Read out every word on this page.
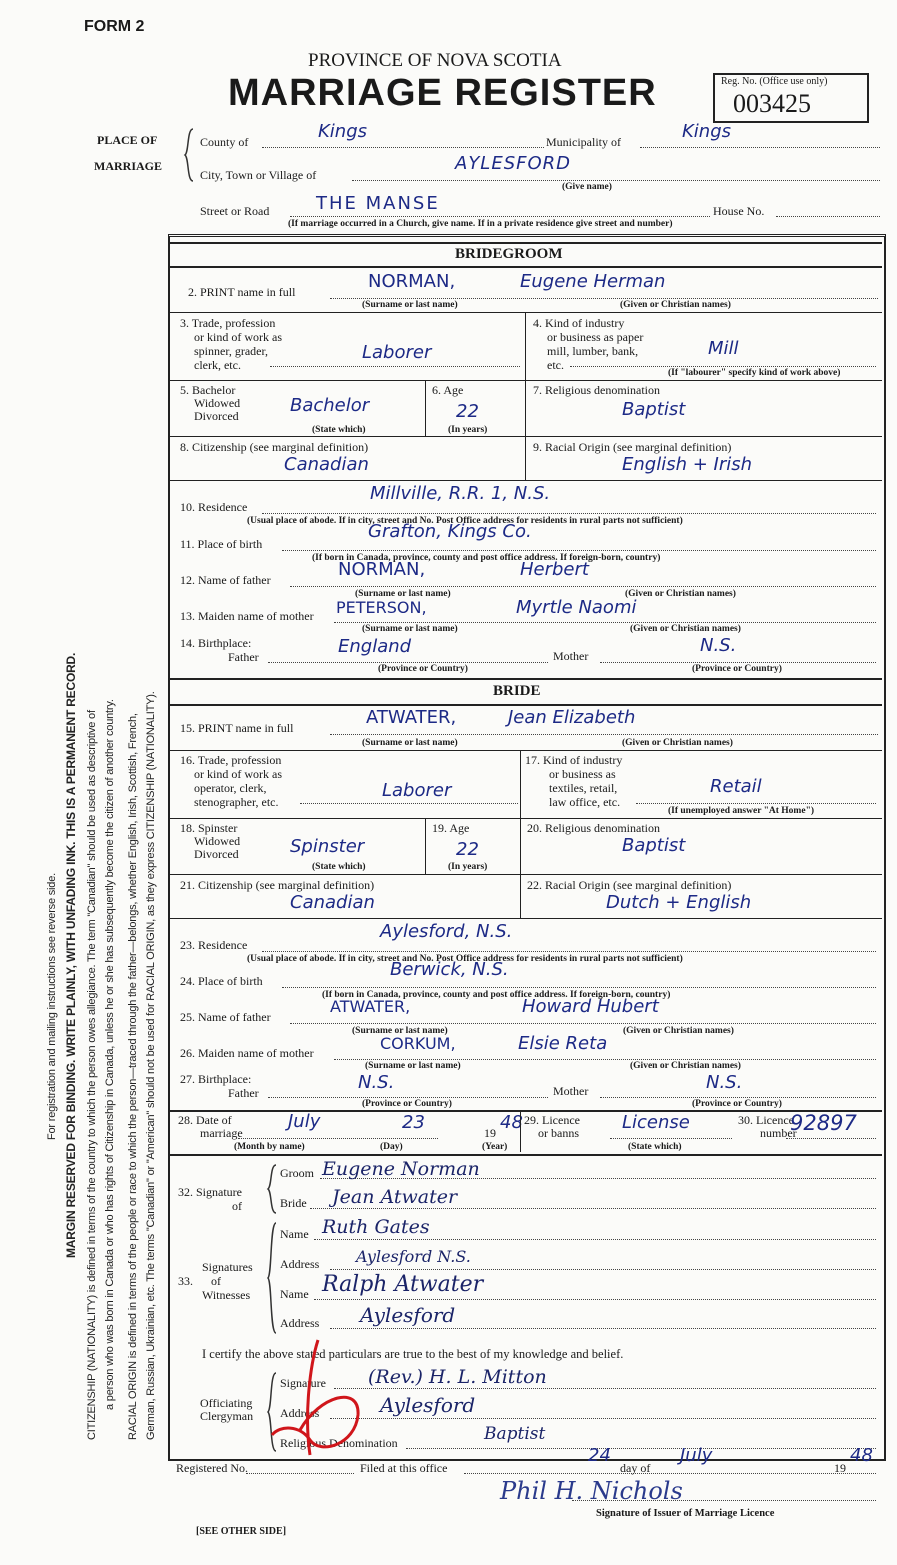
FORM 2
PROVINCE OF NOVA SCOTIA
MARRIAGE REGISTER	Reg. No. (Office use only)
003425
PLACE OF
MARRIAGE
County of	Kings	Municipality of	Kings
City, Town or Village of
AYLESFORD
(Give name)
Street or Road	THE MANSE	House No.
(If marriage occurred in a Church, give name. If in a private residence give street and number)
For registration and mailing instructions see reverse side. MARGIN RESERVED FOR BINDING. WRITE PLAINLY, WITH UNFADING INK. THIS IS A PERMANENT RECORD. CITIZENSHIP (NATIONALITY) is defined in terms of the country to which the person owes allegiance. The term "Canadian" should be used as descriptive of a person who was born in Canada or who has rights of Citizenship in Canada, unless he or she has subsequently become the citizen of another country. RACIAL ORIGIN is defined in terms of the people or race to which the person—traced through the father—belongs, whether English, Irish, Scottish, French, German, Russian, Ukrainian, etc. The terms "Canadian" or "American" should not be used for RACIAL ORIGIN, as they express CITIZENSHIP (NATIONALITY).
BRIDEGROOM
2. PRINT name in full	NORMAN,	Eugene Herman
(Surname or last name)	(Given or Christian names)
3. Trade, profession
or kind of work as
spinner, grader,
clerk, etc.
Laborer
4. Kind of industry
or business as paper
mill, lumber, bank,
etc.
Mill
(If "labourer" specify kind of work above)
5. Bachelor
Widowed
Divorced	Bachelor
(State which)
6. Age
22
(In years)
7. Religious denomination
Baptist
8. Citizenship (see marginal definition)
Canadian
9. Racial Origin (see marginal definition)
English + Irish
10. Residence
Millville, R.R. 1, N.S.
(Usual place of abode. If in city, street and No. Post Office address for residents in rural parts not sufficient)
11. Place of birth
Grafton, Kings Co.
(If born in Canada, province, county and post office address. If foreign-born, country)
12. Name of father	NORMAN,	Herbert
(Surname or last name)	(Given or Christian names)
13. Maiden name of mother PETERSON,	Myrtle Naomi
(Surname or last name)	(Given or Christian names)
14. Birthplace:
Father	England	Mother	N.S.
(Province or Country)	(Province or Country)
BRIDE
15. PRINT name in full	ATWATER,	Jean Elizabeth
(Surname or last name)	(Given or Christian names)
16. Trade, profession
or kind of work as
operator, clerk,
stenographer, etc.
Laborer
17. Kind of industry
or business as
textiles, retail,
law office, etc.
Retail
(If unemployed answer "At Home")
18. Spinster
Widowed
Divorced	Spinster
(State which)
19. Age
22
(In years)
20. Religious denomination
Baptist
21. Citizenship (see marginal definition)
Canadian
22. Racial Origin (see marginal definition)
Dutch + English
23. Residence
Aylesford, N.S.
(Usual place of abode. If in city, street and No. Post Office address for residents in rural parts not sufficient)
24. Place of birth
Berwick, N.S.
(If born in Canada, province, county and post office address. If foreign-born, country)
25. Name of father
ATWATER,	Howard Hubert
(Surname or last name)	(Given or Christian names)
26. Maiden name of mother	CORKUM,	Elsie Reta
(Surname or last name)	(Given or Christian names)
27. Birthplace:
Father	N.S.	Mother	N.S.
(Province or Country)	(Province or Country)
28. Date of
marriage
July	23	19 48
(Month by name)	(Day)	(Year)
29. Licence
or banns License
(State which)
30. Licence
number
92897
32. Signature
of
Groom Eugene Norman
Bride Jean Atwater
Signatures
33.      of
Witnesses
Name Ruth Gates
Address Aylesford N.S.
Name Ralph Atwater
Address Aylesford
I certify the above stated particulars are true to the best of my knowledge and belief.
Officiating
Clergyman
Signature (Rev.) H. L. Mitton
Address	Aylesford
Religious Denomination	Baptist
Registered No.	Filed at this office
24
day of
July
19
48
Phil H. Nichols
Signature of Issuer of Marriage Licence
[SEE OTHER SIDE]
